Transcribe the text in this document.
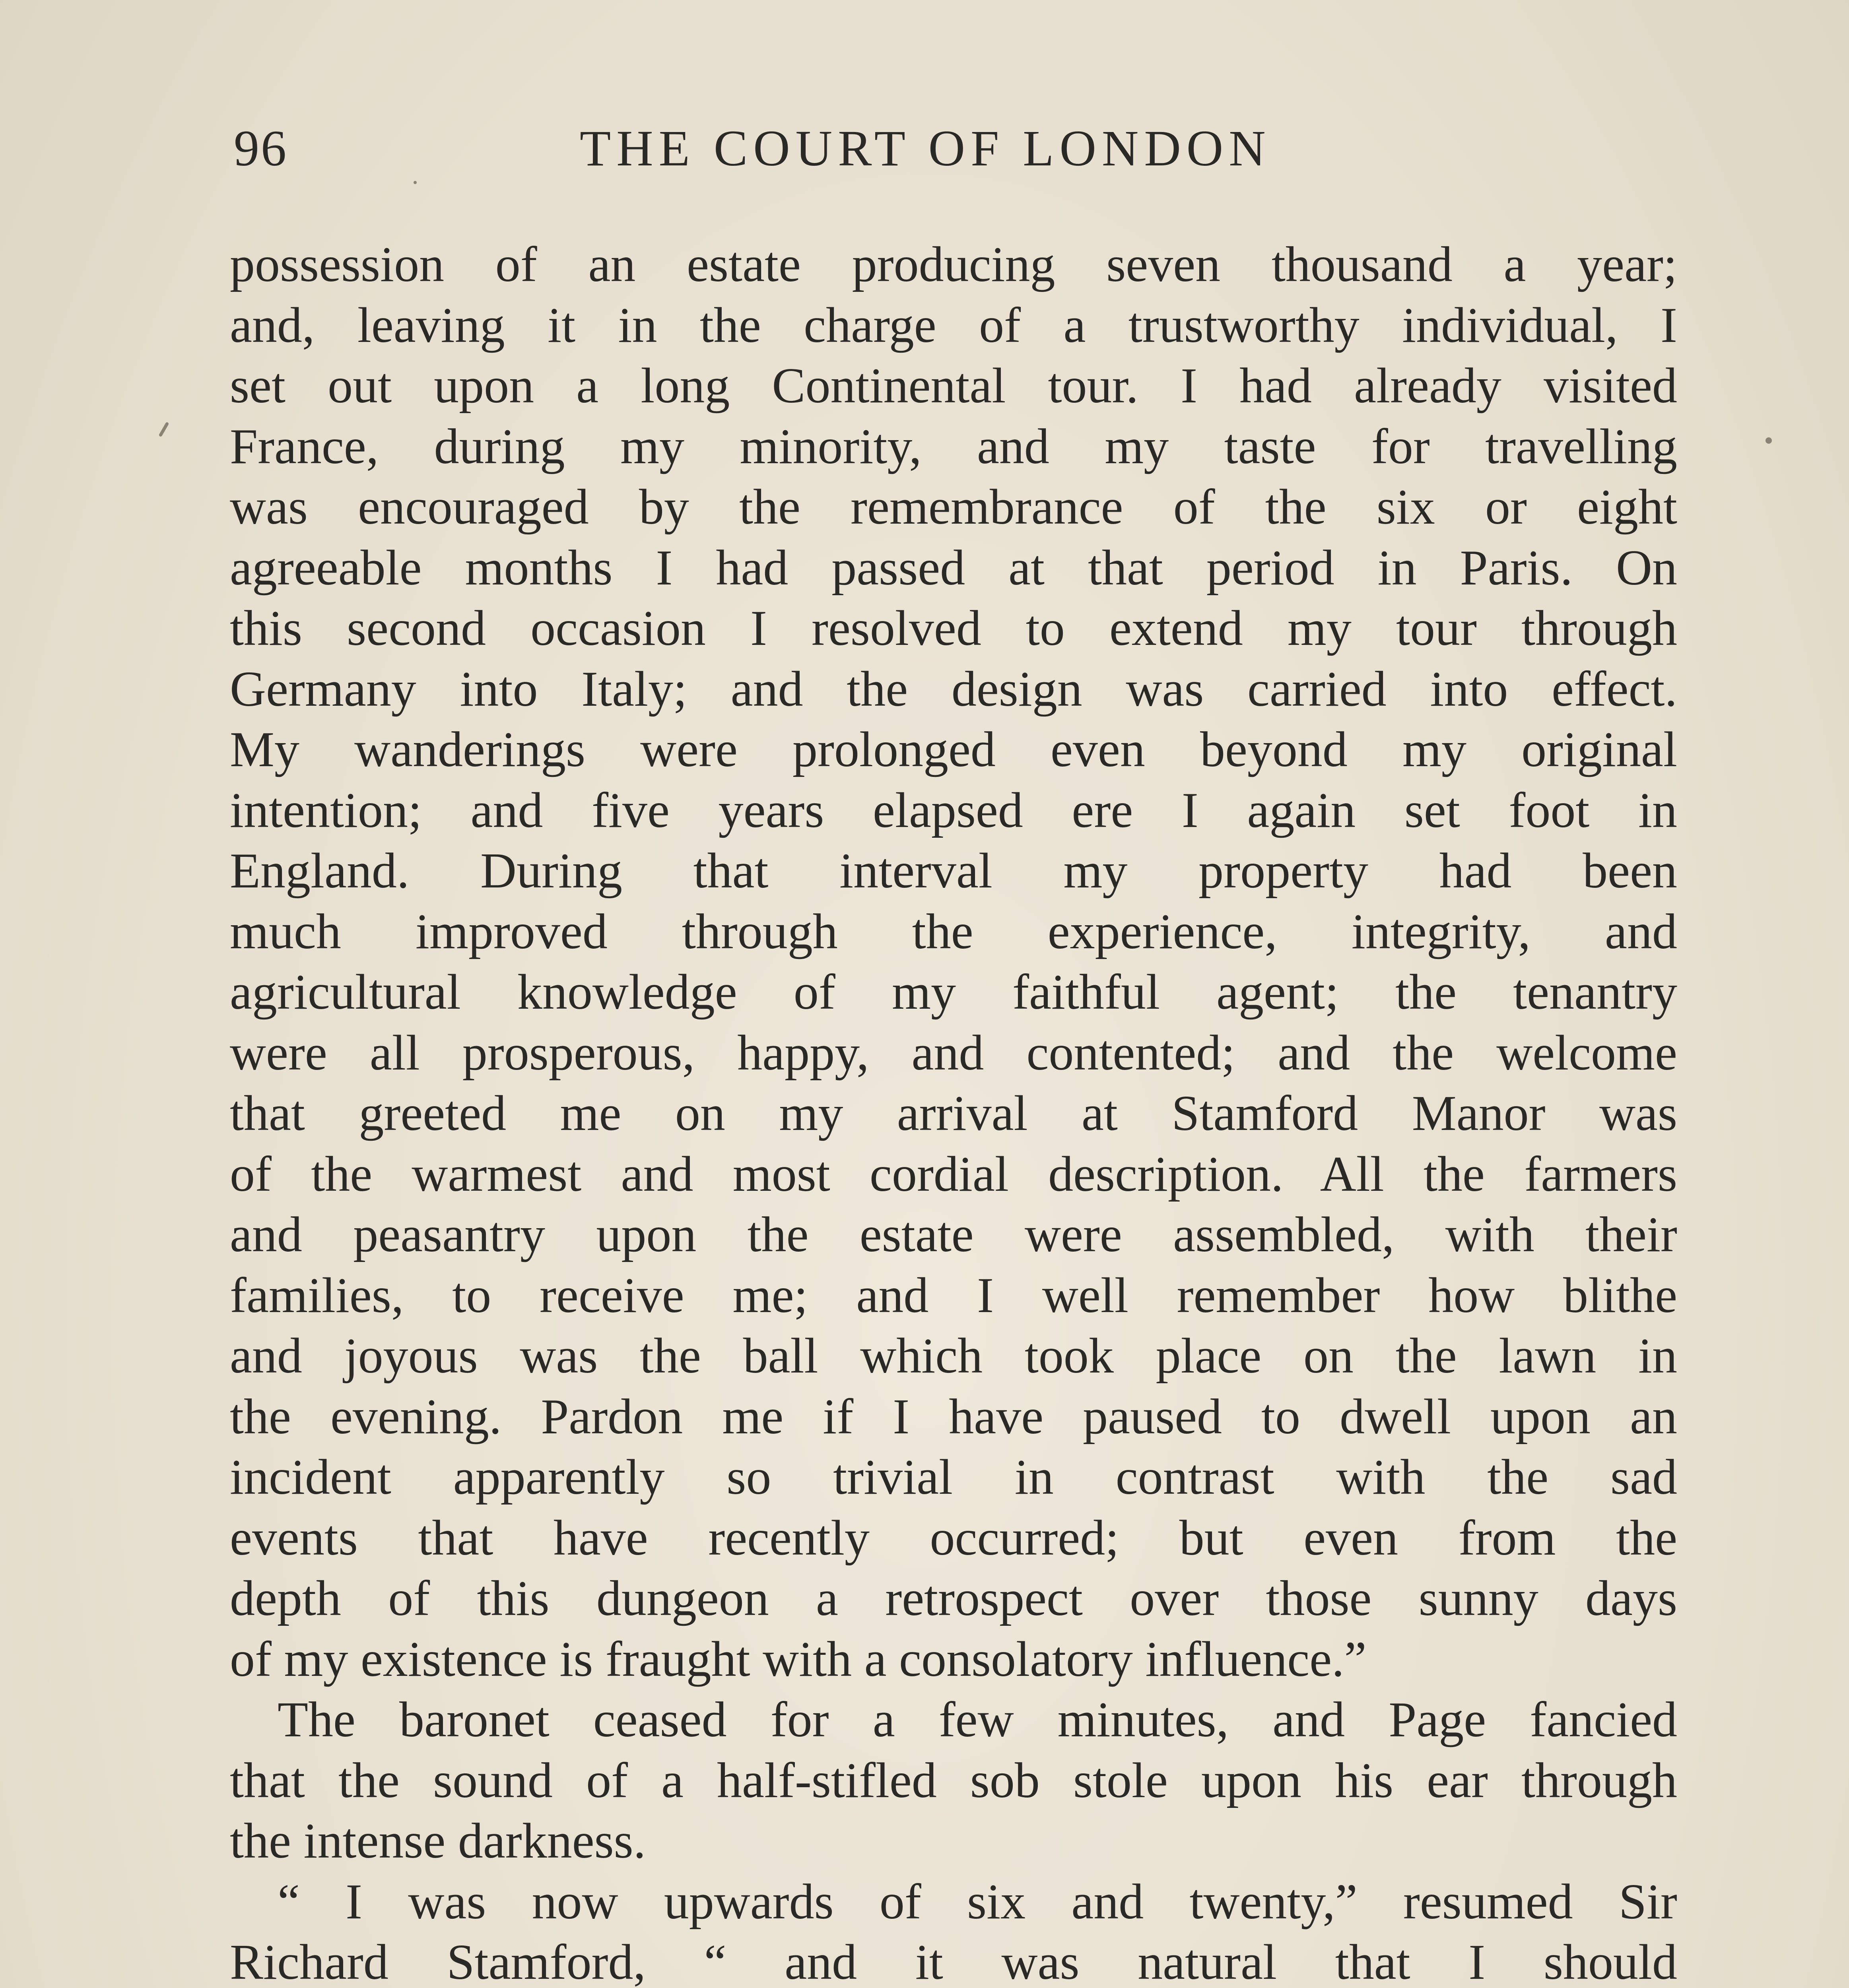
96	THE COURT OF LONDON
possession of an estate producing seven thousand a year;
and, leaving it in the charge of a trustworthy individual, I
set out upon a long Continental tour. I had already visited
France, during my minority, and my taste for travelling
was encouraged by the remembrance of the six or eight
agreeable months I had passed at that period in Paris. On
this second occasion I resolved to extend my tour through
Germany into Italy; and the design was carried into effect.
My wanderings were prolonged even beyond my original
intention; and five years elapsed ere I again set foot in
England. During that interval my property had been
much improved through the experience, integrity, and
agricultural knowledge of my faithful agent; the tenantry
were all prosperous, happy, and contented; and the welcome
that greeted me on my arrival at Stamford Manor was
of the warmest and most cordial description. All the farmers
and peasantry upon the estate were assembled, with their
families, to receive me; and I well remember how blithe
and joyous was the ball which took place on the lawn in
the evening. Pardon me if I have paused to dwell upon an
incident apparently so trivial in contrast with the sad
events that have recently occurred; but even from the
depth of this dungeon a retrospect over those sunny days
of my existence is fraught with a consolatory influence.”
The baronet ceased for a few minutes, and Page fancied
that the sound of a half-stifled sob stole upon his ear through
the intense darkness.
“ I was now upwards of six and twenty,” resumed Sir
Richard Stamford, “ and it was natural that I should
